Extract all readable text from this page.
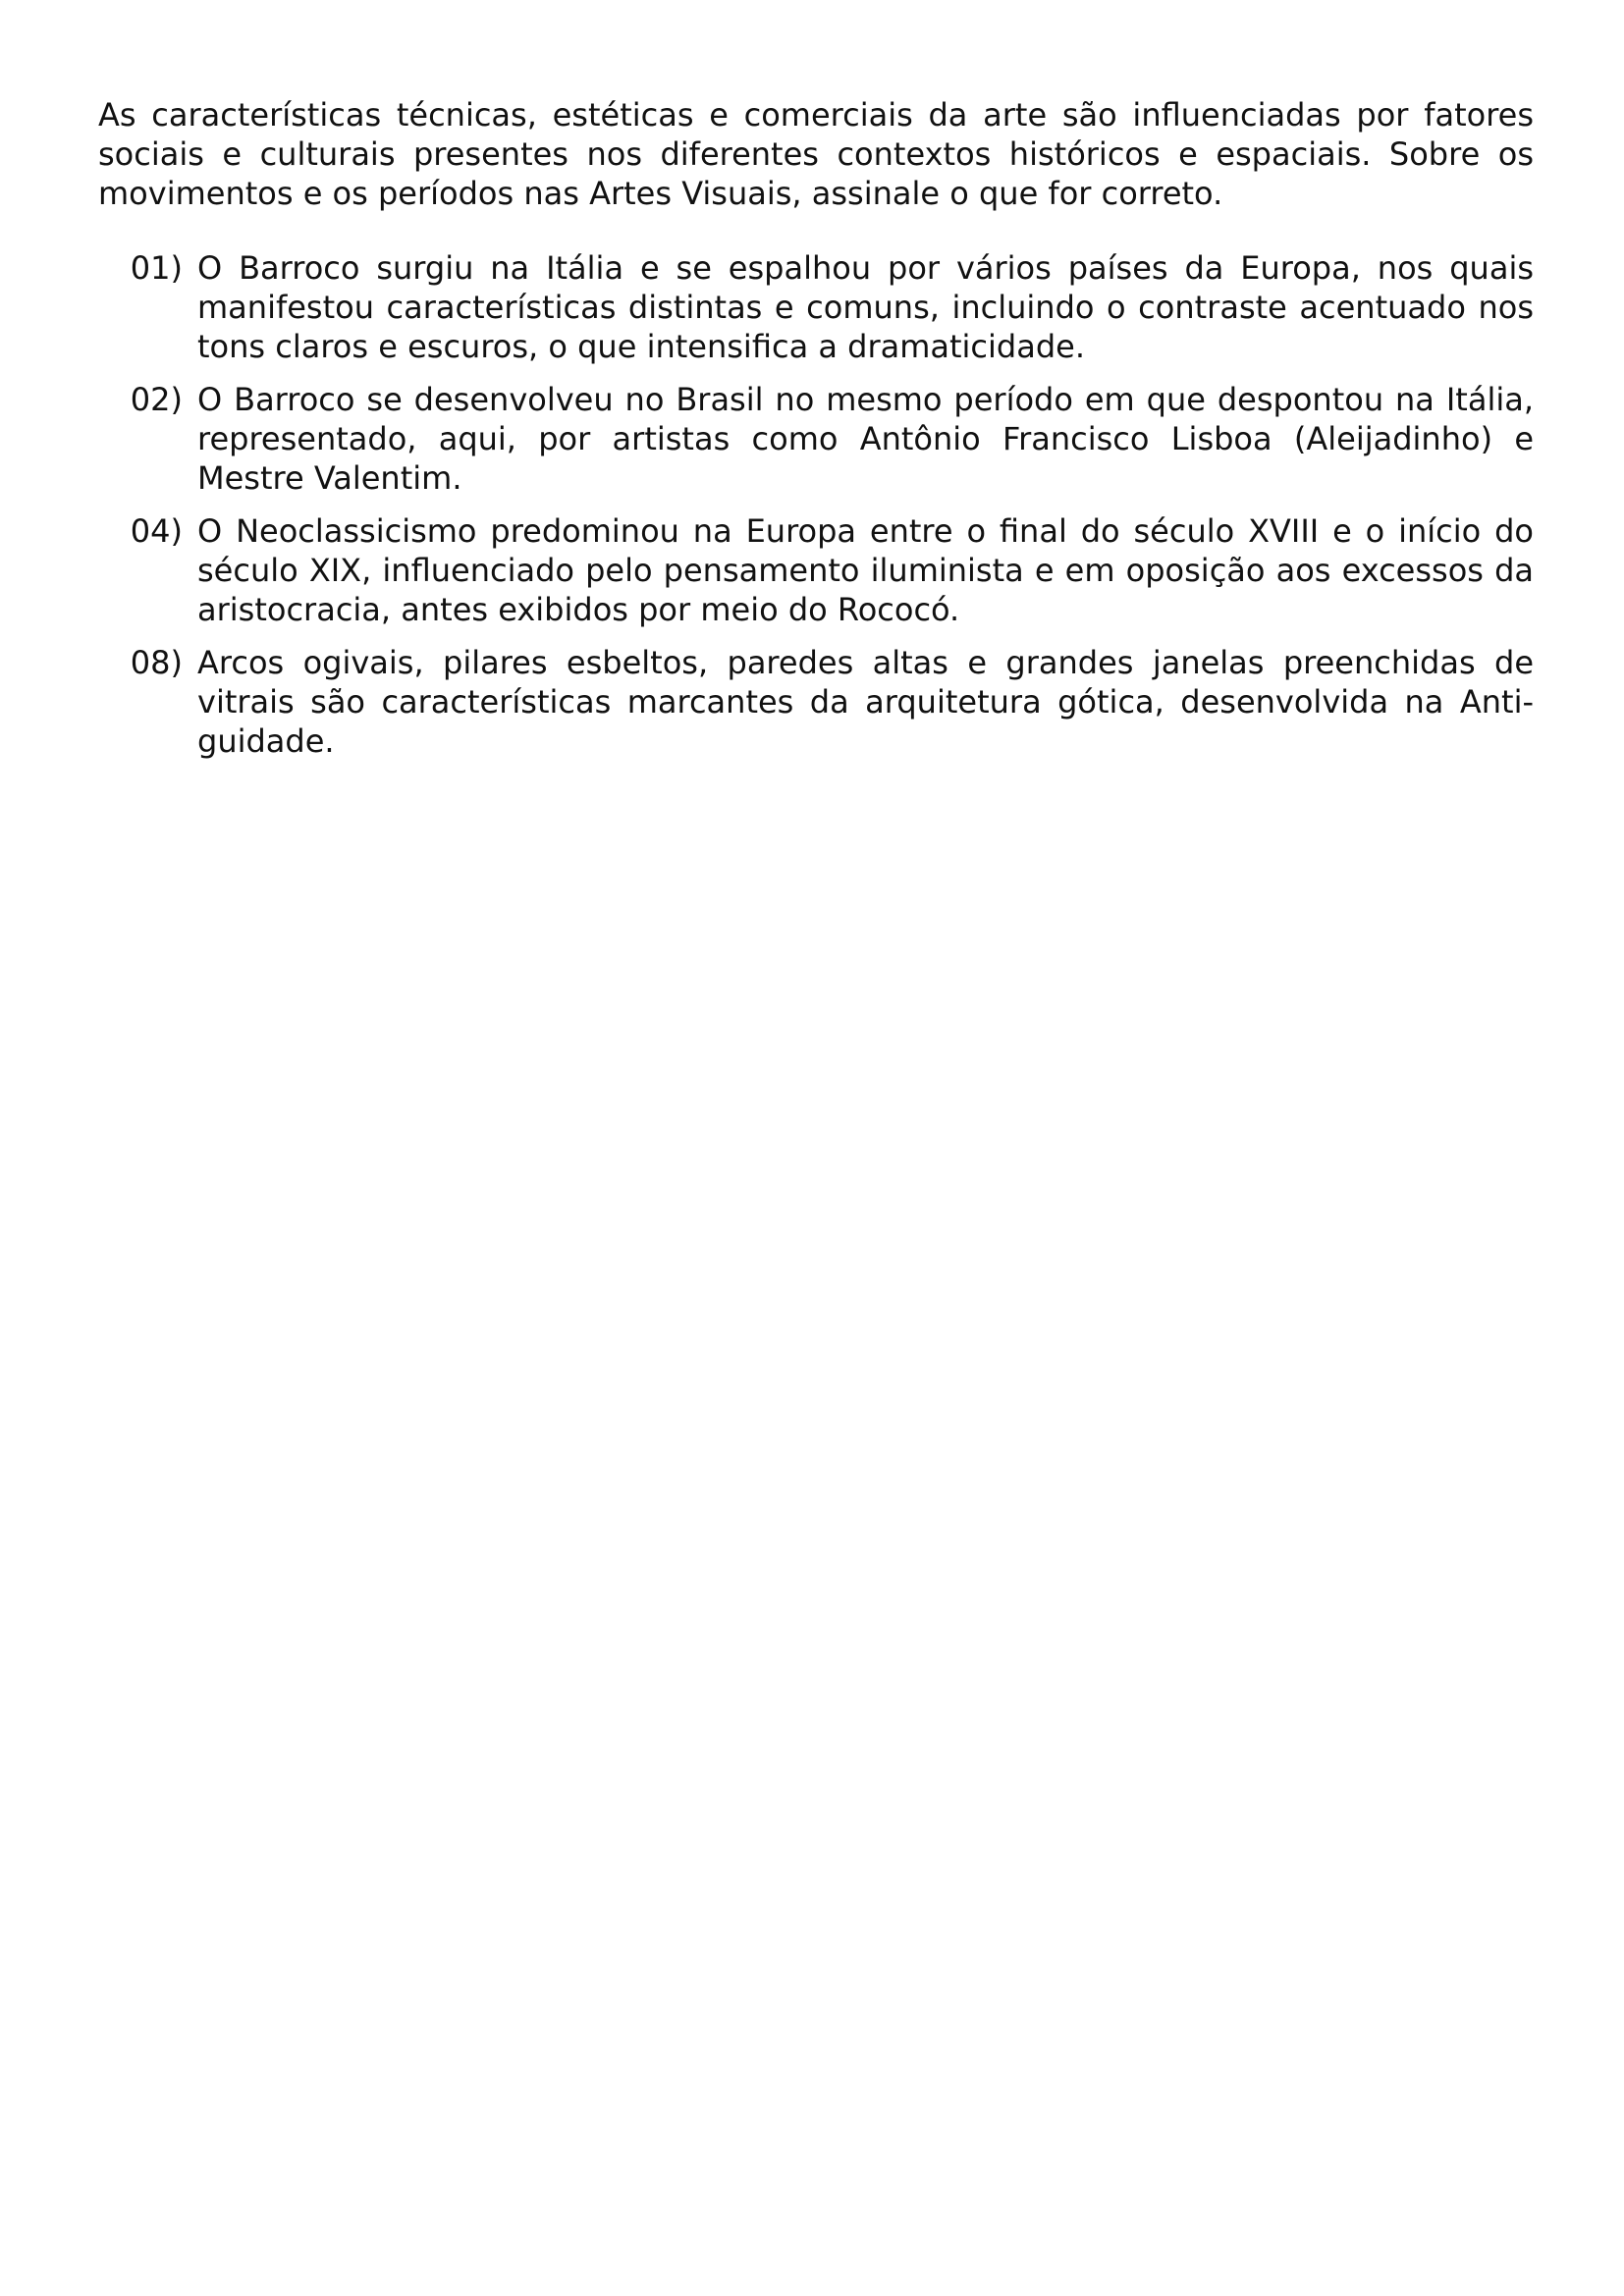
As características técnicas, estéticas e comerciais da arte são influenciadas por fatores sociais e culturais presentes nos diferentes contextos históricos e espaciais. Sobre os movimentos e os períodos nas Artes Visuais, assinale o que for correto.

01) O Barroco surgiu na Itália e se espalhou por vários países da Europa, nos quais manifestou características distintas e comuns, incluindo o contraste acentuado nos tons claros e escuros, o que intensifica a dramaticidade.
02) O Barroco se desenvolveu no Brasil no mesmo período em que despontou na Itália, representado, aqui, por artistas como Antônio Francisco Lisboa (Aleijadinho) e Mestre Valentim.
04) O Neoclassicismo predominou na Europa entre o final do século XVIII e o início do século XIX, influenciado pelo pensamento iluminista e em oposição aos excessos da aristocracia, antes exibidos por meio do Rococó.
08) Arcos ogivais, pilares esbeltos, paredes altas e grandes janelas preenchidas de vitrais são características marcantes da arquitetura gótica, desenvolvida na Antiguidade.
